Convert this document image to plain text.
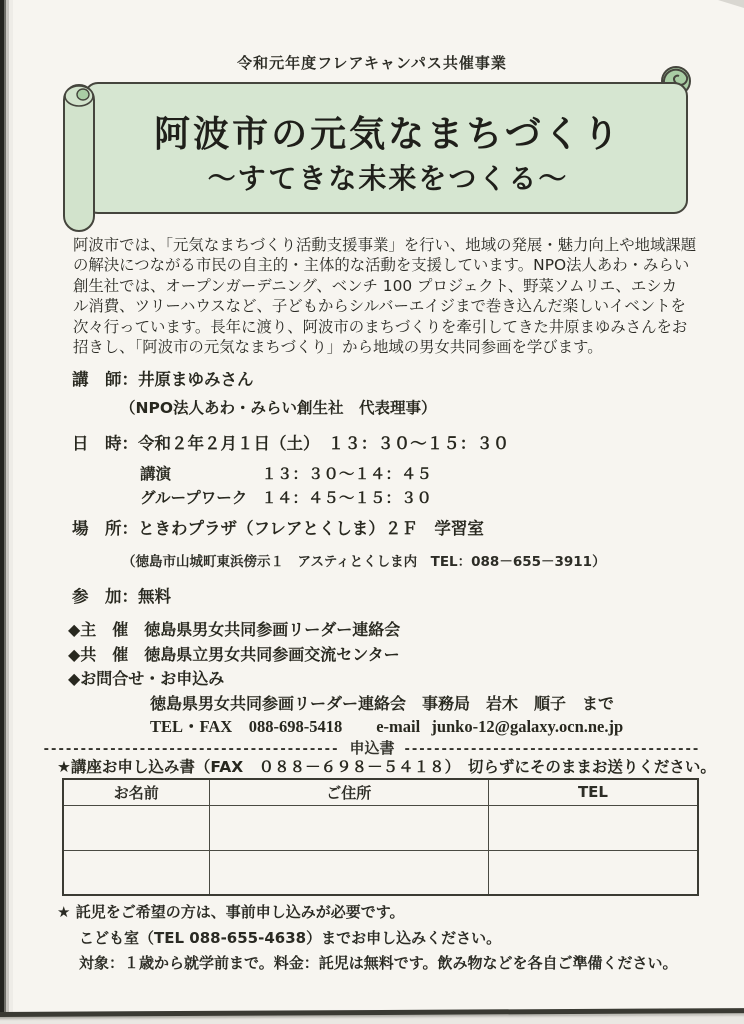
令和元年度フレアキャンパス共催事業
阿波市の元気なまちづくり
～すてきな未来をつくる～
阿波市では、「元気なまちづくり活動支援事業」を行い、地域の発展・魅力向上や地域課題
の解決につながる市民の自主的・主体的な活動を支援しています。NPO法人あわ・みらい
創生社では、オープンガーデニング、ベンチ 100 プロジェクト、野菜ソムリエ、エシカ
ル消費、ツリーハウスなど、子どもからシルバーエイジまで巻き込んだ楽しいイベントを
次々行っています。長年に渡り、阿波市のまちづくりを牽引してきた井原まゆみさんをお
招きし、「阿波市の元気なまちづくり」から地域の男女共同参画を学びます。
講　師：井原まゆみさん
（NPO法人あわ・みらい創生社　代表理事）
日　時：令和２年２月１日（土）　１３：３０～１５：３０
講演	１３：３０～１４：４５
グループワーク １４：４５～１５：３０
場　所：ときわプラザ（フレアとくしま）２Ｆ　学習室
（徳島市山城町東浜傍示１　アスティとくしま内　TEL：088－655－3911）
参　加：無料
◆主　催　徳島県男女共同参画リーダー連絡会
◆共　催　徳島県立男女共同参画交流センター
◆お問合せ・お申込み
徳島県男女共同参画リーダー連絡会　事務局　岩木　順子　まで
TEL・FAX　088-698-5418 e-mail junko-12@galaxy.ocn.ne.jp
---------------------------------------- 申込書 ----------------------------------------
★講座お申し込み書（FAX　０８８－６９８－５４１８）　切らずにそのままお送りください。
お名前	ご住所	TEL

★ 託児をご希望の方は、事前申し込みが必要です。
こども室（TEL 088-655-4638）までお申し込みください。
対象：１歳から就学前まで。料金：託児は無料です。飲み物などを各自ご準備ください。
